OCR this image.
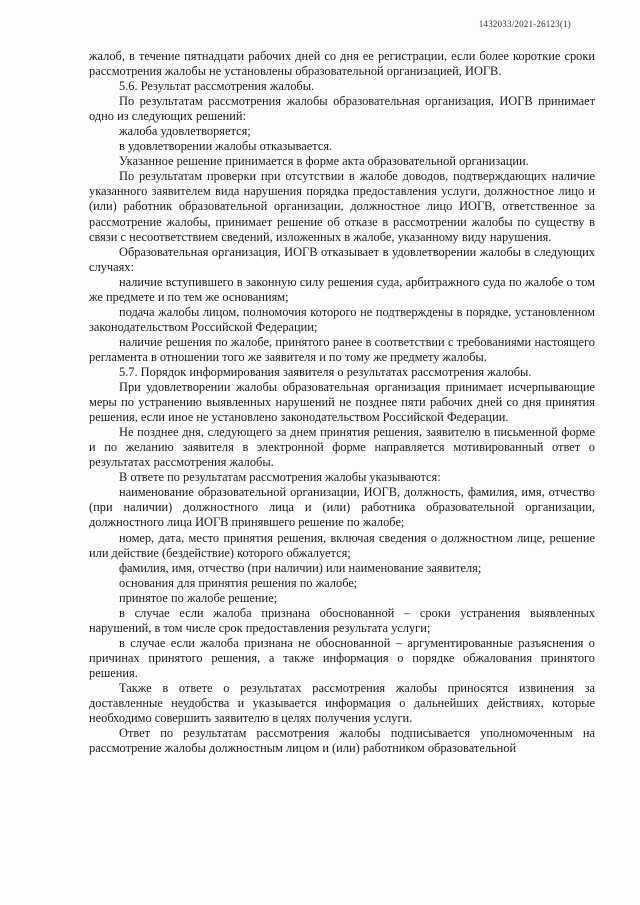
1432033/2021-26123(1)

жалоб, в течение пятнадцати рабочих дней со дня ее регистрации, если более короткие сроки рассмотрения жалобы не установлены образовательной организацией, ИОГВ.

5.6. Результат рассмотрения жалобы.

По результатам рассмотрения жалобы образовательная организация, ИОГВ принимает одно из следующих решений:

жалоба удовлетворяется;

в удовлетворении жалобы отказывается.

Указанное решение принимается в форме акта образовательной организации.

По результатам проверки при отсутствии в жалобе доводов, подтверждающих наличие указанного заявителем вида нарушения порядка предоставления услуги, должностное лицо и (или) работник образовательной организации, должностное лицо ИОГВ, ответственное за рассмотрение жалобы, принимает решение об отказе в рассмотрении жалобы по существу в связи с несоответствием сведений, изложенных в жалобе, указанному виду нарушения.

Образовательная организация, ИОГВ отказывает в удовлетворении жалобы в следующих случаях:

наличие вступившего в законную силу решения суда, арбитражного суда по жалобе о том же предмете и по тем же основаниям;

подача жалобы лицом, полномочия которого не подтверждены в порядке, установленном законодательством Российской Федерации;

наличие решения по жалобе, принятого ранее в соответствии с требованиями настоящего регламента в отношении того же заявителя и по тому же предмету жалобы.

5.7. Порядок информирования заявителя о результатах рассмотрения жалобы.

При удовлетворении жалобы образовательная организация принимает исчерпывающие меры по устранению выявленных нарушений не позднее пяти рабочих дней со дня принятия решения, если иное не установлено законодательством Российской Федерации.

Не позднее дня, следующего за днем принятия решения, заявителю в письменной форме и по желанию заявителя в электронной форме направляется мотивированный ответ о результатах рассмотрения жалобы.

В ответе по результатам рассмотрения жалобы указываются:

наименование образовательной организации, ИОГВ, должность, фамилия, имя, отчество (при наличии) должностного лица и (или) работника образовательной организации, должностного лица ИОГВ принявшего решение по жалобе;

номер, дата, место принятия решения, включая сведения о должностном лице, решение или действие (бездействие) которого обжалуется;

фамилия, имя, отчество (при наличии) или наименование заявителя;

основания для принятия решения по жалобе;

принятое по жалобе решение;

в случае если жалоба признана обоснованной – сроки устранения выявленных нарушений, в том числе срок предоставления результата услуги;

в случае если жалоба признана не обоснованной – аргументированные разъяснения о причинах принятого решения, а также информация о порядке обжалования принятого решения.

Также в ответе о результатах рассмотрения жалобы приносятся извинения за доставленные неудобства и указывается информация о дальнейших действиях, которые необходимо совершить заявителю в целях получения услуги.

Ответ по результатам рассмотрения жалобы подписывается уполномоченным на рассмотрение жалобы должностным лицом и (или) работником образовательной
